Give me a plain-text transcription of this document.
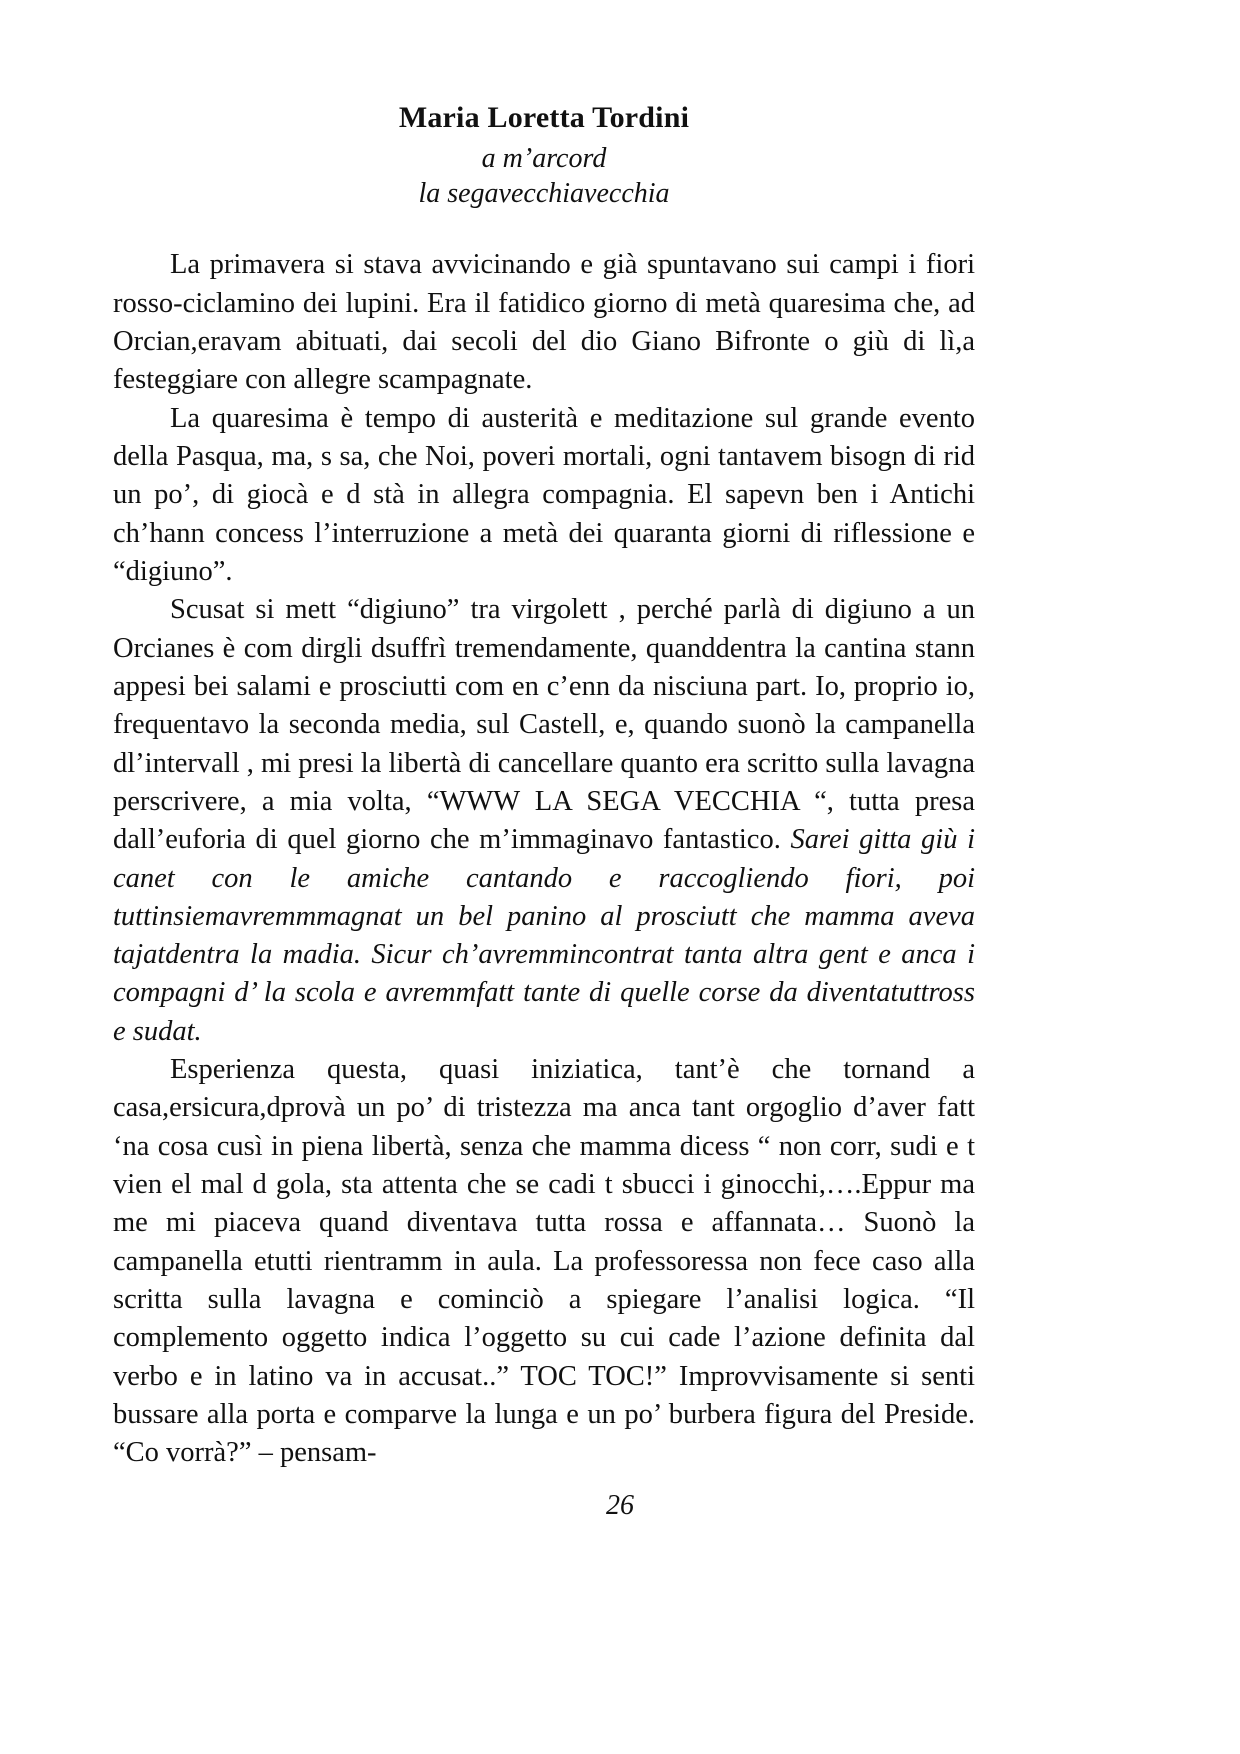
Maria Loretta Tordini
a m’arcord
la segavecchiavecchia

La primavera si stava avvicinando e già spuntavano sui campi i fiori rosso-ciclamino dei lupini. Era il fatidico giorno di metà quaresima che, ad Orcian,eravam abituati, dai secoli del dio Giano Bifronte o giù di lì,a festeggiare con allegre scampagnate.

La quaresima è tempo di austerità e meditazione sul grande evento della Pasqua, ma, s sa, che Noi, poveri mortali, ogni tantavem bisogn di rid un po’, di giocà e d stà in allegra compagnia. El sapevn ben i Antichi ch’hann concess l’interruzione a metà dei quaranta giorni di riflessione e “digiuno”.

Scusat si mett “digiuno” tra virgolett , perché parlà di digiuno a un Orcianes è com dirgli dsuffrì tremendamente, quanddentra la cantina stann appesi bei salami e prosciutti com en c’enn da nisciuna part. Io, proprio io, frequentavo la seconda media, sul Castell, e, quando suonò la campanella dl’intervall , mi presi la libertà di cancellare quanto era scritto sulla lavagna perscrivere, a mia volta, “WWW LA SEGA VECCHIA “, tutta presa dall’euforia di quel giorno che m’immaginavo fantastico. Sarei gitta giù i canet con le amiche cantando e raccogliendo fiori, poi tuttinsiemavremmmagnat un bel panino al prosciutt che mamma aveva tajatdentra la madia. Sicur ch’avremmincontrat tanta altra gent e anca i compagni d’ la scola e avremmfatt tante di quelle corse da diventatuttross e sudat.

Esperienza questa, quasi iniziatica, tant’è che tornand a casa,ersicura,dprovà un po’ di tristezza ma anca tant orgoglio d’aver fatt ‘na cosa cusì in piena libertà, senza che mamma dicess “ non corr, sudi e t vien el mal d gola, sta attenta che se cadi t sbucci i ginocchi,….Eppur ma me mi piaceva quand diventava tutta rossa e affannata… Suonò la campanella etutti rientramm in aula. La professoressa non fece caso alla scritta sulla lavagna e cominciò a spiegare l’analisi logica. “Il complemento oggetto indica l’oggetto su cui cade l’azione definita dal verbo e in latino va in accusat..” TOC TOC!” Improvvisamente si senti bussare alla porta e comparve la lunga e un po’ burbera figura del Preside. “Co vorrà?” – pensam-

26
